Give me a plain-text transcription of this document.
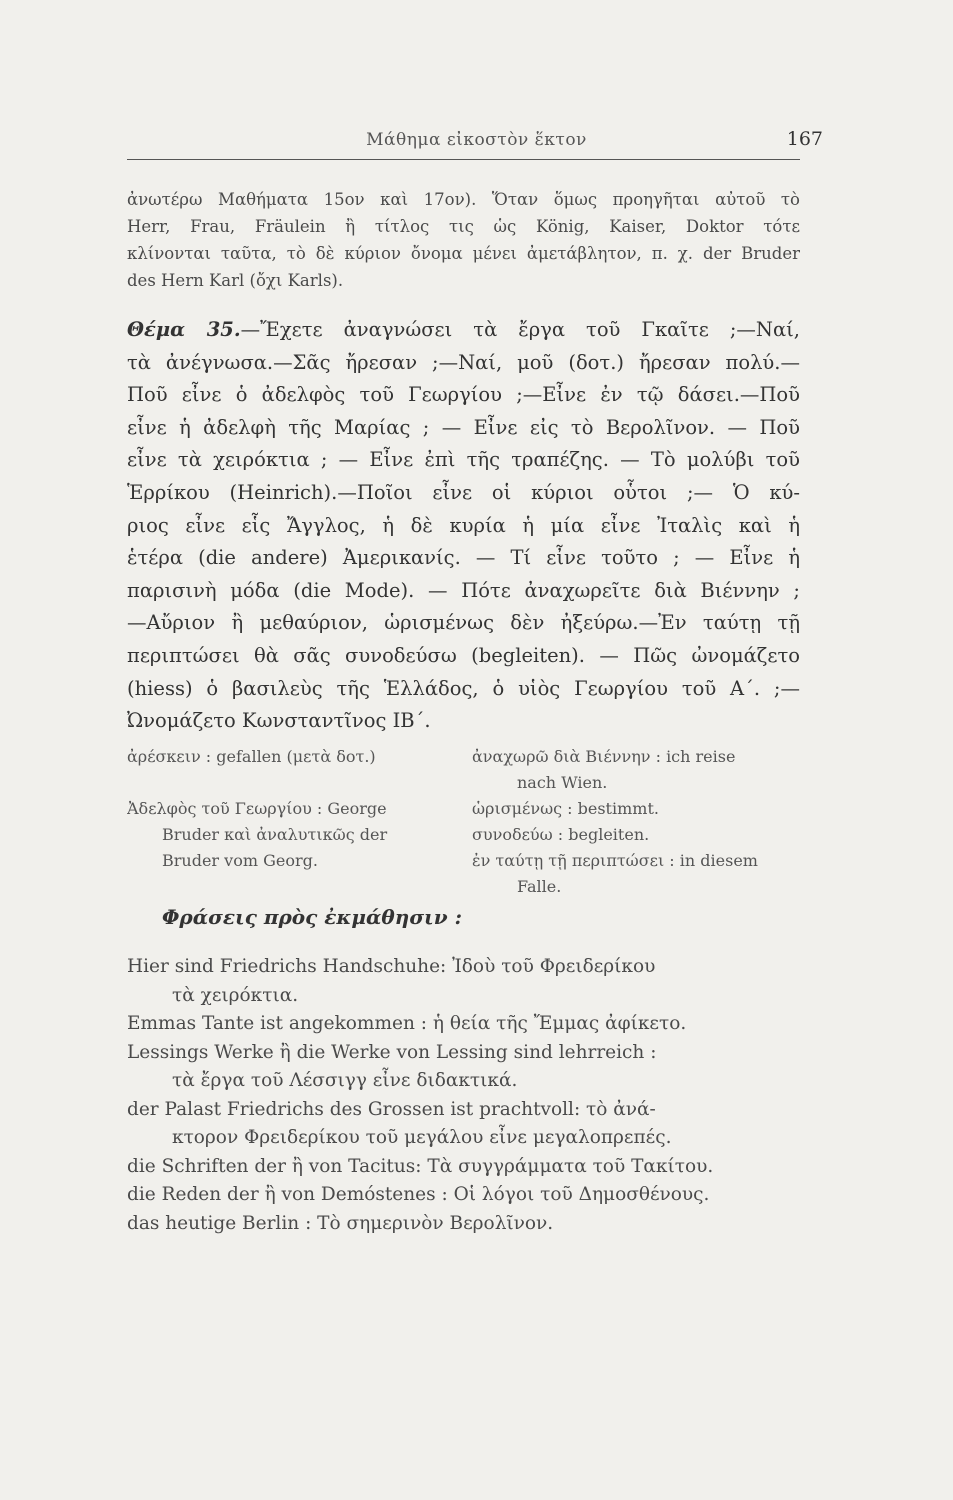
Μάθημα εἰκοστὸν ἕκτον	167
ἀνωτέρω Μαθήματα 15ον καὶ 17ον). Ὅταν ὅμως προηγῆται αὐτοῦ τὸ
Herr, Frau, Fräulein ἢ τίτλος τις ὡς König, Kaiser, Doktor τότε
κλίνονται ταῦτα, τὸ δὲ κύριον ὄνομα μένει ἀμετάβλητον, π. χ. der Bruder
des Hern Karl (ὄχι Karls).
Θέμα 35.—Ἔχετε ἀναγνώσει τὰ ἔργα τοῦ Γκαῖτε ;—Ναί,
τὰ ἀνέγνωσα.—Σᾶς ἤρεσαν ;—Ναί, μοῦ (δοτ.) ἤρεσαν πολύ.—
Ποῦ εἶνε ὁ ἀδελφὸς τοῦ Γεωργίου ;—Εἶνε ἐν τῷ δάσει.—Ποῦ
εἶνε ἡ ἀδελφὴ τῆς Μαρίας ; — Εἶνε εἰς τὸ Βερολῖνον. — Ποῦ
εἶνε τὰ χειρόκτια ; — Εἶνε ἐπὶ τῆς τραπέζης. — Τὸ μολύβι τοῦ
Ἑρρίκου (Heinrich).—Ποῖοι εἶνε οἱ κύριοι οὗτοι ;— Ὁ κύ-
ριος εἶνε εἷς Ἄγγλος, ἡ δὲ κυρία ἡ μία εἶνε Ἰταλὶς καὶ ἡ
ἑτέρα (die andere) Ἀμερικανίς. — Τί εἶνε τοῦτο ; — Εἶνε ἡ
παρισινὴ μόδα (die Mode). — Πότε ἀναχωρεῖτε διὰ Βιέννην ;
—Αὔριον ἢ μεθαύριον, ὡρισμένως δὲν ἠξεύρω.—Ἐν ταύτῃ τῇ
περιπτώσει θὰ σᾶς συνοδεύσω (begleiten). — Πῶς ὠνομάζετο
(hiess) ὁ βασιλεὺς τῆς Ἑλλάδος, ὁ υἱὸς Γεωργίου τοῦ Α΄. ;—
Ὠνομάζετο Κωνσταντῖνος ΙΒ΄.
ἀρέσκειν : gefallen (μετὰ δοτ.)

Ἀδελφὸς τοῦ Γεωργίου : George
Bruder καὶ ἀναλυτικῶς der
Bruder vom Georg.
ἀναχωρῶ διὰ Βιέννην : ich reise
nach Wien.
ὡρισμένως : bestimmt.
συνοδεύω : begleiten.
ἐν ταύτῃ τῇ περιπτώσει : in diesem
Falle.
Φράσεις πρὸς ἐκμάθησιν :
Hier sind Friedrichs Handschuhe: Ἰδοὺ τοῦ Φρειδερίκου
τὰ χειρόκτια.
Emmas Tante ist angekommen : ἡ θεία τῆς Ἔμμας ἀφίκετο.
Lessings Werke ἢ die Werke von Lessing sind lehrreich :
τὰ ἔργα τοῦ Λέσσιγγ εἶνε διδακτικά.
der Palast Friedrichs des Grossen ist prachtvoll: τὸ ἀνά-
κτορον Φρειδερίκου τοῦ μεγάλου εἶνε μεγαλοπρεπές.
die Schriften der ἢ von Tacitus: Τὰ συγγράμματα τοῦ Τακίτου.
die Reden der ἢ von Demóstenes : Οἱ λόγοι τοῦ Δημοσθένους.
das heutige Berlin : Τὸ σημερινὸν Βερολῖνον.
